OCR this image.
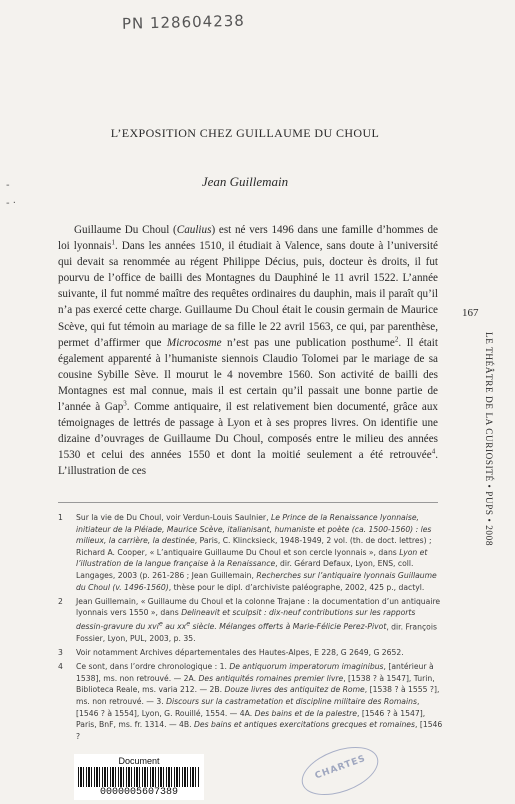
PN 128604238
-
- ·
L’EXPOSITION CHEZ GUILLAUME DU CHOUL
Jean Guillemain
Guillaume Du Choul (Caulius) est né vers 1496 dans une famille d’hommes de loi lyonnais$^1$. Dans les années 1510, il étudiait à Valence, sans doute à l’université qui devait sa renommée au régent Philippe Décius, puis, docteur ès droits, il fut pourvu de l’office de bailli des Montagnes du Dauphiné le 11 avril 1522. L’année suivante, il fut nommé maître des requêtes ordinaires du dauphin, mais il paraît qu’il n’a pas exercé cette charge. Guillaume Du Choul était le cousin germain de Maurice Scève, qui fut témoin au mariage de sa fille le 22 avril 1563, ce qui, par parenthèse, permet d’affirmer que Microcosme n’est pas une publication posthume$^2$. Il était également apparenté à l’humaniste siennois Claudio Tolomei par le mariage de sa cousine Sybille Sève. Il mourut le 4 novembre 1560. Son activité de bailli des Montagnes est mal connue, mais il est certain qu’il passait une bonne partie de l’année à Gap$^3$. Comme antiquaire, il est relativement bien documenté, grâce aux témoignages de lettrés de passage à Lyon et à ses propres livres. On identifie une dizaine d’ouvrages de Guillaume Du Choul, composés entre le milieu des années 1530 et celui des années 1550 et dont la moitié seulement a été retrouvée$^4$. L’illustration de ces
167
LE THÉÂTRE DE LA CURIOSITÉ • PUPS • 2008
1 Sur la vie de Du Choul, voir Verdun-Louis Saulnier, Le Prince de la Renaissance lyonnaise, initiateur de la Pléiade, Maurice Scève, italianisant, humaniste et poète (ca. 1500-1560) : les milieux, la carrière, la destinée, Paris, C. Klincksieck, 1948-1949, 2 vol. (th. de doct. lettres) ; Richard A. Cooper, « L’antiquaire Guillaume Du Choul et son cercle lyonnais », dans Lyon et l’illustration de la langue française à la Renaissance, dir. Gérard Defaux, Lyon, ENS, coll. Langages, 2003 (p. 261-286 ; Jean Guillemain, Recherches sur l’antiquaire lyonnais Guillaume du Choul (v. 1496-1560), thèse pour le dipl. d’archiviste paléographe, 2002, 425 p., dactyl.
2 Jean Guillemain, « Guillaume du Choul et la colonne Trajane : la documentation d’un antiquaire lyonnais vers 1550 », dans Delineavit et sculpsit : dix-neuf contributions sur les rapports dessin-gravure du xvi$^e$ au $xx^e$ siècle. Mélanges offerts à Marie-Félicie Perez-Pivot, dir. François Fossier, Lyon, PUL, 2003, p. 35.
3 Voir notamment Archives départementales des Hautes-Alpes, E 228, G 2649, G 2652.
4 Ce sont, dans l’ordre chronologique : 1. De antiquorum imperatorum imaginibus, [antérieur à 1538], ms. non retrouvé. — 2A. Des antiquités romaines premier livre, [1538 ? à 1547], Turin, Biblioteca Reale, ms. varia 212. — 2B. Douze livres des antiquitez de Rome, [1538 ? à 1555 ?], ms. non retrouvé. — 3. Discours sur la castrametation et discipline militaire des Romains, [1546 ? à 1554], Lyon, G. Rouillé, 1554. — 4A. Des bains et de la palestre, [1546 ? à 1547], Paris, BnF, ms. fr. 1314. — 4B. Des bains et antiques exercitations grecques et romaines, [1546 ?
CHARTES
Document
0000005607389
